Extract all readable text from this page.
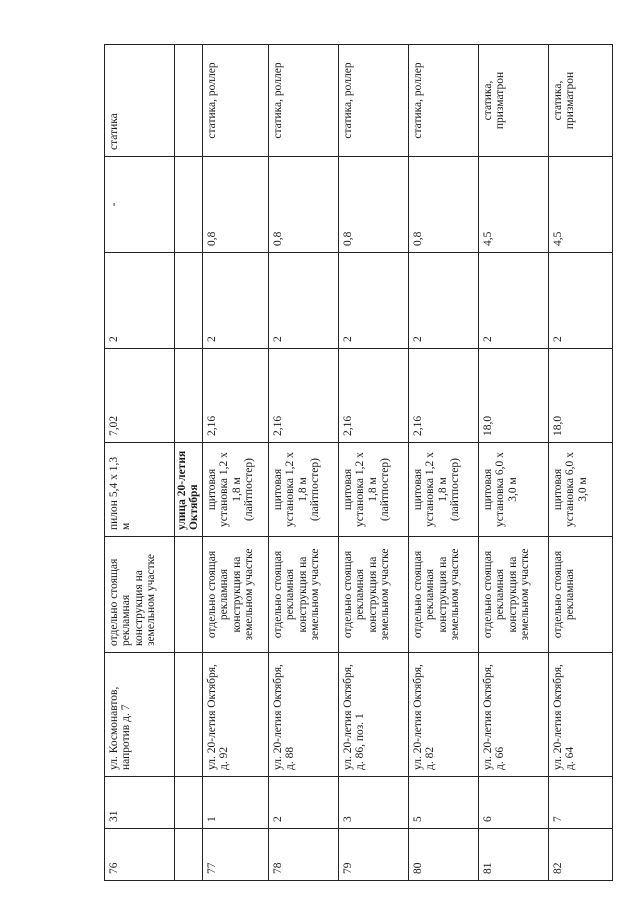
76	31	ул. Космонавтов, напротив д. 7	отдельно стоящая рекламная конструкция на земельном участке	пилон 5,4 х 1,3 м	7,02	2	-	статика
				улица 20-летия Октября				
77	1	ул. 20-летия Октября, д. 92	отдельно стоящая рекламная конструкция на земельном участке	щитовая установка 1,2 х 1,8 м (лайтпостер)	2,16	2	0,8	статика, роллер
78	2	ул. 20-летия Октября, д. 88	отдельно стоящая рекламная конструкция на земельном участке	щитовая установка 1,2 х 1,8 м (лайтпостер)	2,16	2	0,8	статика, роллер
79	3	ул. 20-летия Октября, д. 86, поз. 1	отдельно стоящая рекламная конструкция на земельном участке	щитовая установка 1,2 х 1,8 м (лайтпостер)	2,16	2	0,8	статика, роллер
80	5	ул. 20-летия Октября, д. 82	отдельно стоящая рекламная конструкция на земельном участке	щитовая установка 1,2 х 1,8 м (лайтпостер)	2,16	2	0,8	статика, роллер
81	6	ул. 20-летия Октября, д. 66	отдельно стоящая рекламная конструкция на земельном участке	щитовая установка 6,0 х 3,0 м	18,0	2	4,5	статика, призматрон
82	7	ул. 20-летия Октября, д. 64	отдельно стоящая рекламная	щитовая установка 6,0 х 3,0 м	18,0	2	4,5	статика, призматрон
